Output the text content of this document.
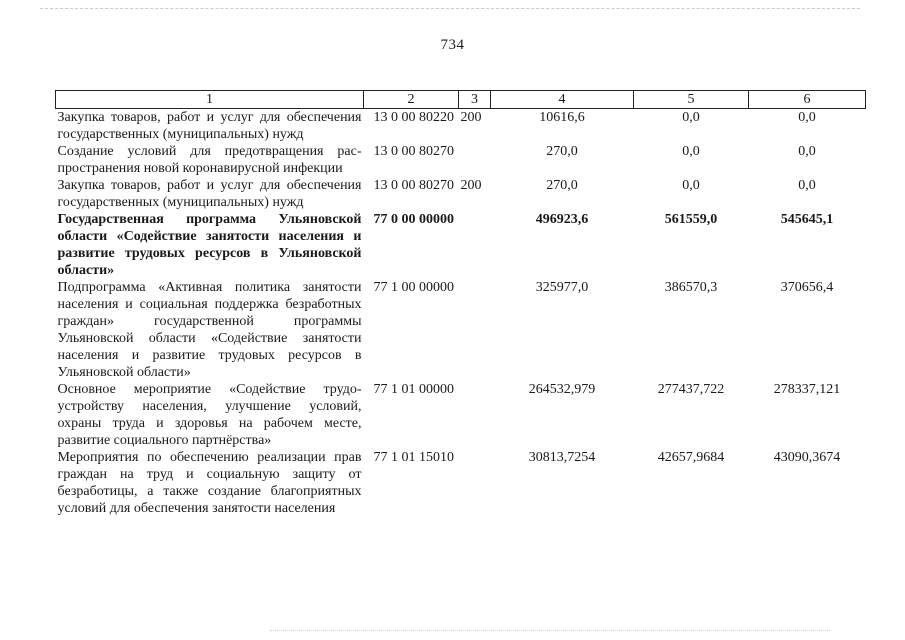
734
1	2	3	4	5	6
Закупка товаров, работ и услуг для обеспечения государственных (муниципальных) нужд	13 0 00 80220	200	10616,6	0,0	0,0
Создание условий для предотвращения распространения новой коронавирусной инфекции	13 0 00 80270		270,0	0,0	0,0
Закупка товаров, работ и услуг для обеспечения государственных (муниципальных) нужд	13 0 00 80270	200	270,0	0,0	0,0
Государственная программа Ульяновской области «Содействие занятости населения и развитие трудовых ресурсов в Ульяновской области»	77 0 00 00000		496923,6	561559,0	545645,1
Подпрограмма «Активная политика занятости населения и социальная поддержка безработных граждан» государственной программы Ульяновской области «Содействие занятости населения и развитие трудовых ресурсов в Ульяновской области»	77 1 00 00000		325977,0	386570,3	370656,4
Основное мероприятие «Содействие трудоустройству населения, улучшение условий, охраны труда и здоровья на рабочем месте, развитие социального партнёрства»	77 1 01 00000		264532,979	277437,722	278337,121
Мероприятия по обеспечению реализации прав граждан на труд и социальную защиту от безработицы, а также создание благоприятных условий для обеспечения занятости населения	77 1 01 15010		30813,7254	42657,9684	43090,3674
